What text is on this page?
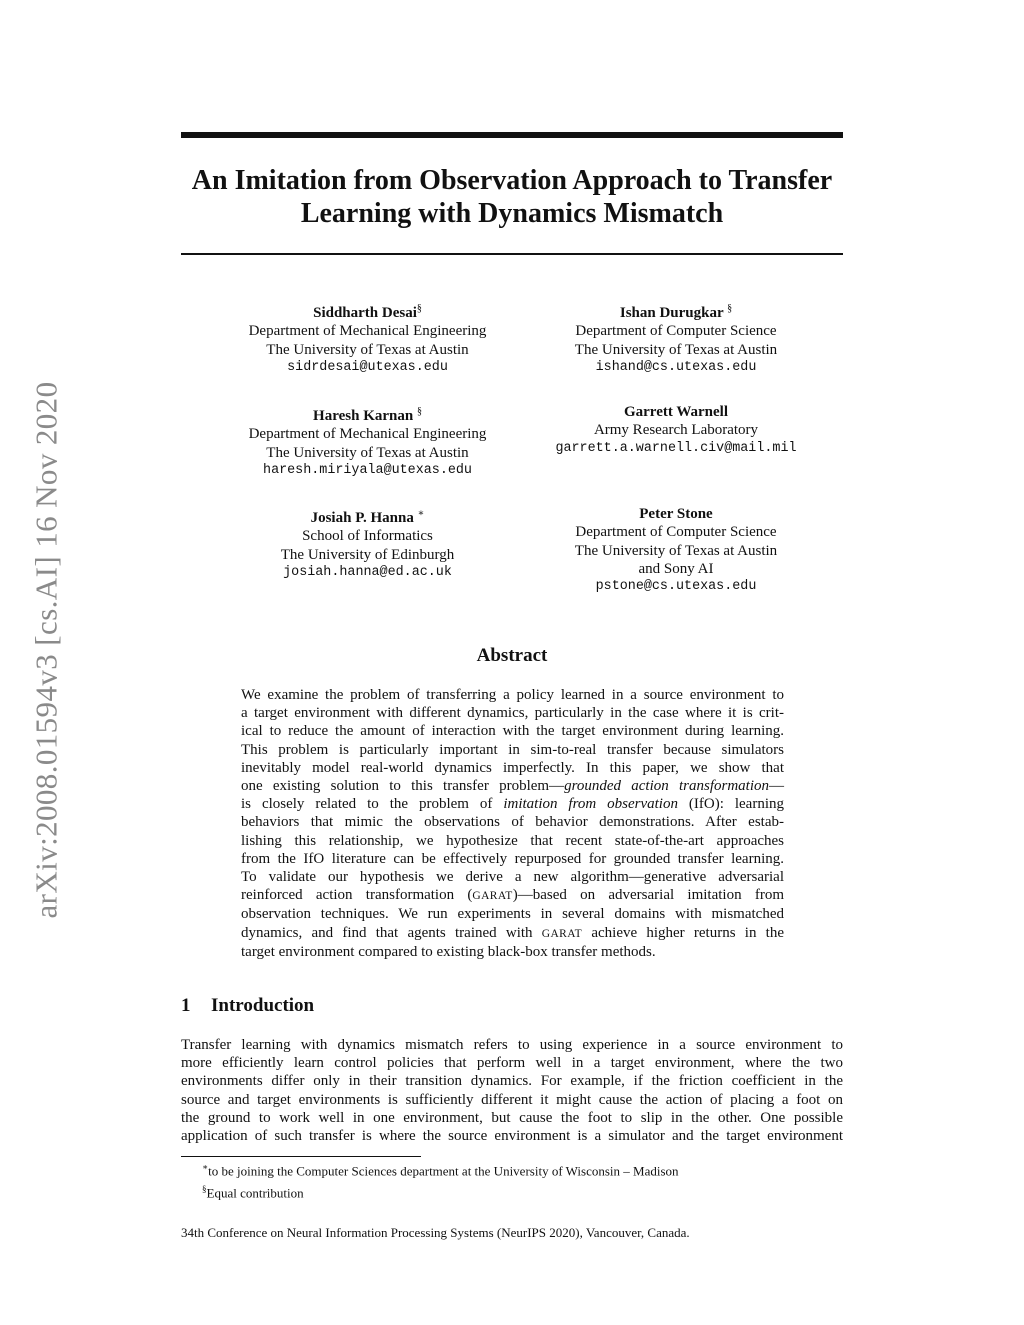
arXiv:2008.01594v3 [cs.AI] 16 Nov 2020
An Imitation from Observation Approach to Transfer
Learning with Dynamics Mismatch
Siddharth Desai§
Department of Mechanical Engineering
The University of Texas at Austin
sidrdesai@utexas.edu
Ishan Durugkar §
Department of Computer Science
The University of Texas at Austin
ishand@cs.utexas.edu
Haresh Karnan §
Department of Mechanical Engineering
The University of Texas at Austin
haresh.miriyala@utexas.edu
Garrett Warnell
Army Research Laboratory
garrett.a.warnell.civ@mail.mil
Josiah P. Hanna ∗
School of Informatics
The University of Edinburgh
josiah.hanna@ed.ac.uk
Peter Stone
Department of Computer Science
The University of Texas at Austin
and Sony AI
pstone@cs.utexas.edu
Abstract
We examine the problem of transferring a policy learned in a source environment to
a target environment with different dynamics, particularly in the case where it is crit-
ical to reduce the amount of interaction with the target environment during learning.
This problem is particularly important in sim-to-real transfer because simulators
inevitably model real-world dynamics imperfectly. In this paper, we show that
one existing solution to this transfer problem—grounded action transformation—
is closely related to the problem of imitation from observation (IfO): learning
behaviors that mimic the observations of behavior demonstrations. After estab-
lishing this relationship, we hypothesize that recent state-of-the-art approaches
from the IfO literature can be effectively repurposed for grounded transfer learning.
To validate our hypothesis we derive a new algorithm—generative adversarial
reinforced action transformation (GARAT)—based on adversarial imitation from
observation techniques. We run experiments in several domains with mismatched
dynamics, and find that agents trained with GARAT achieve higher returns in the
target environment compared to existing black-box transfer methods.
1 Introduction
Transfer learning with dynamics mismatch refers to using experience in a source environment to
more efficiently learn control policies that perform well in a target environment, where the two
environments differ only in their transition dynamics. For example, if the friction coefficient in the
source and target environments is sufficiently different it might cause the action of placing a foot on
the ground to work well in one environment, but cause the foot to slip in the other. One possible
application of such transfer is where the source environment is a simulator and the target environment
∗to be joining the Computer Sciences department at the University of Wisconsin – Madison
§Equal contribution
34th Conference on Neural Information Processing Systems (NeurIPS 2020), Vancouver, Canada.
